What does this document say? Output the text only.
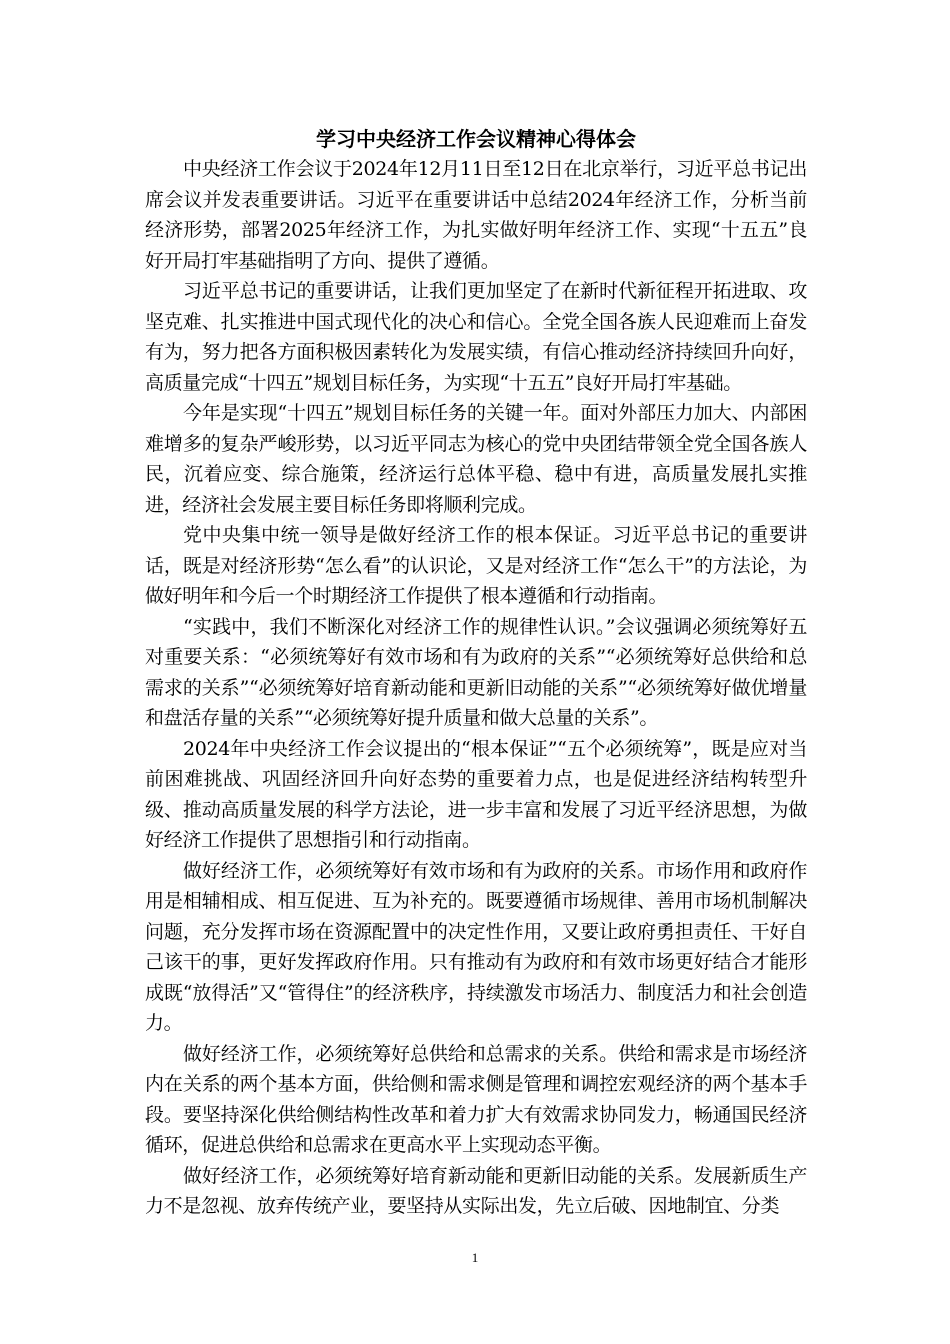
学习中央经济工作会议精神心得体会

中央经济工作会议于2024年12月11日至12日在北京举行，习近平总书记出席会议并发表重要讲话。习近平在重要讲话中总结2024年经济工作，分析当前经济形势，部署2025年经济工作，为扎实做好明年经济工作、实现“十五五”良好开局打牢基础指明了方向、提供了遵循。

习近平总书记的重要讲话，让我们更加坚定了在新时代新征程开拓进取、攻坚克难、扎实推进中国式现代化的决心和信心。全党全国各族人民迎难而上奋发有为，努力把各方面积极因素转化为发展实绩，有信心推动经济持续回升向好，高质量完成“十四五”规划目标任务，为实现“十五五”良好开局打牢基础。

今年是实现“十四五”规划目标任务的关键一年。面对外部压力加大、内部困难增多的复杂严峻形势，以习近平同志为核心的党中央团结带领全党全国各族人民，沉着应变、综合施策，经济运行总体平稳、稳中有进，高质量发展扎实推进，经济社会发展主要目标任务即将顺利完成。

党中央集中统一领导是做好经济工作的根本保证。习近平总书记的重要讲话，既是对经济形势“怎么看”的认识论，又是对经济工作“怎么干”的方法论，为做好明年和今后一个时期经济工作提供了根本遵循和行动指南。

“实践中，我们不断深化对经济工作的规律性认识。”会议强调必须统筹好五对重要关系：“必须统筹好有效市场和有为政府的关系”“必须统筹好总供给和总需求的关系”“必须统筹好培育新动能和更新旧动能的关系”“必须统筹好做优增量和盘活存量的关系”“必须统筹好提升质量和做大总量的关系”。

2024年中央经济工作会议提出的“根本保证”“五个必须统筹”，既是应对当前困难挑战、巩固经济回升向好态势的重要着力点，也是促进经济结构转型升级、推动高质量发展的科学方法论，进一步丰富和发展了习近平经济思想，为做好经济工作提供了思想指引和行动指南。

做好经济工作，必须统筹好有效市场和有为政府的关系。市场作用和政府作用是相辅相成、相互促进、互为补充的。既要遵循市场规律、善用市场机制解决问题，充分发挥市场在资源配置中的决定性作用，又要让政府勇担责任、干好自己该干的事，更好发挥政府作用。只有推动有为政府和有效市场更好结合才能形成既“放得活”又“管得住”的经济秩序，持续激发市场活力、制度活力和社会创造力。

做好经济工作，必须统筹好总供给和总需求的关系。供给和需求是市场经济内在关系的两个基本方面，供给侧和需求侧是管理和调控宏观经济的两个基本手段。要坚持深化供给侧结构性改革和着力扩大有效需求协同发力，畅通国民经济循环，促进总供给和总需求在更高水平上实现动态平衡。

做好经济工作，必须统筹好培育新动能和更新旧动能的关系。发展新质生产力不是忽视、放弃传统产业，要坚持从实际出发，先立后破、因地制宜、分类

1
